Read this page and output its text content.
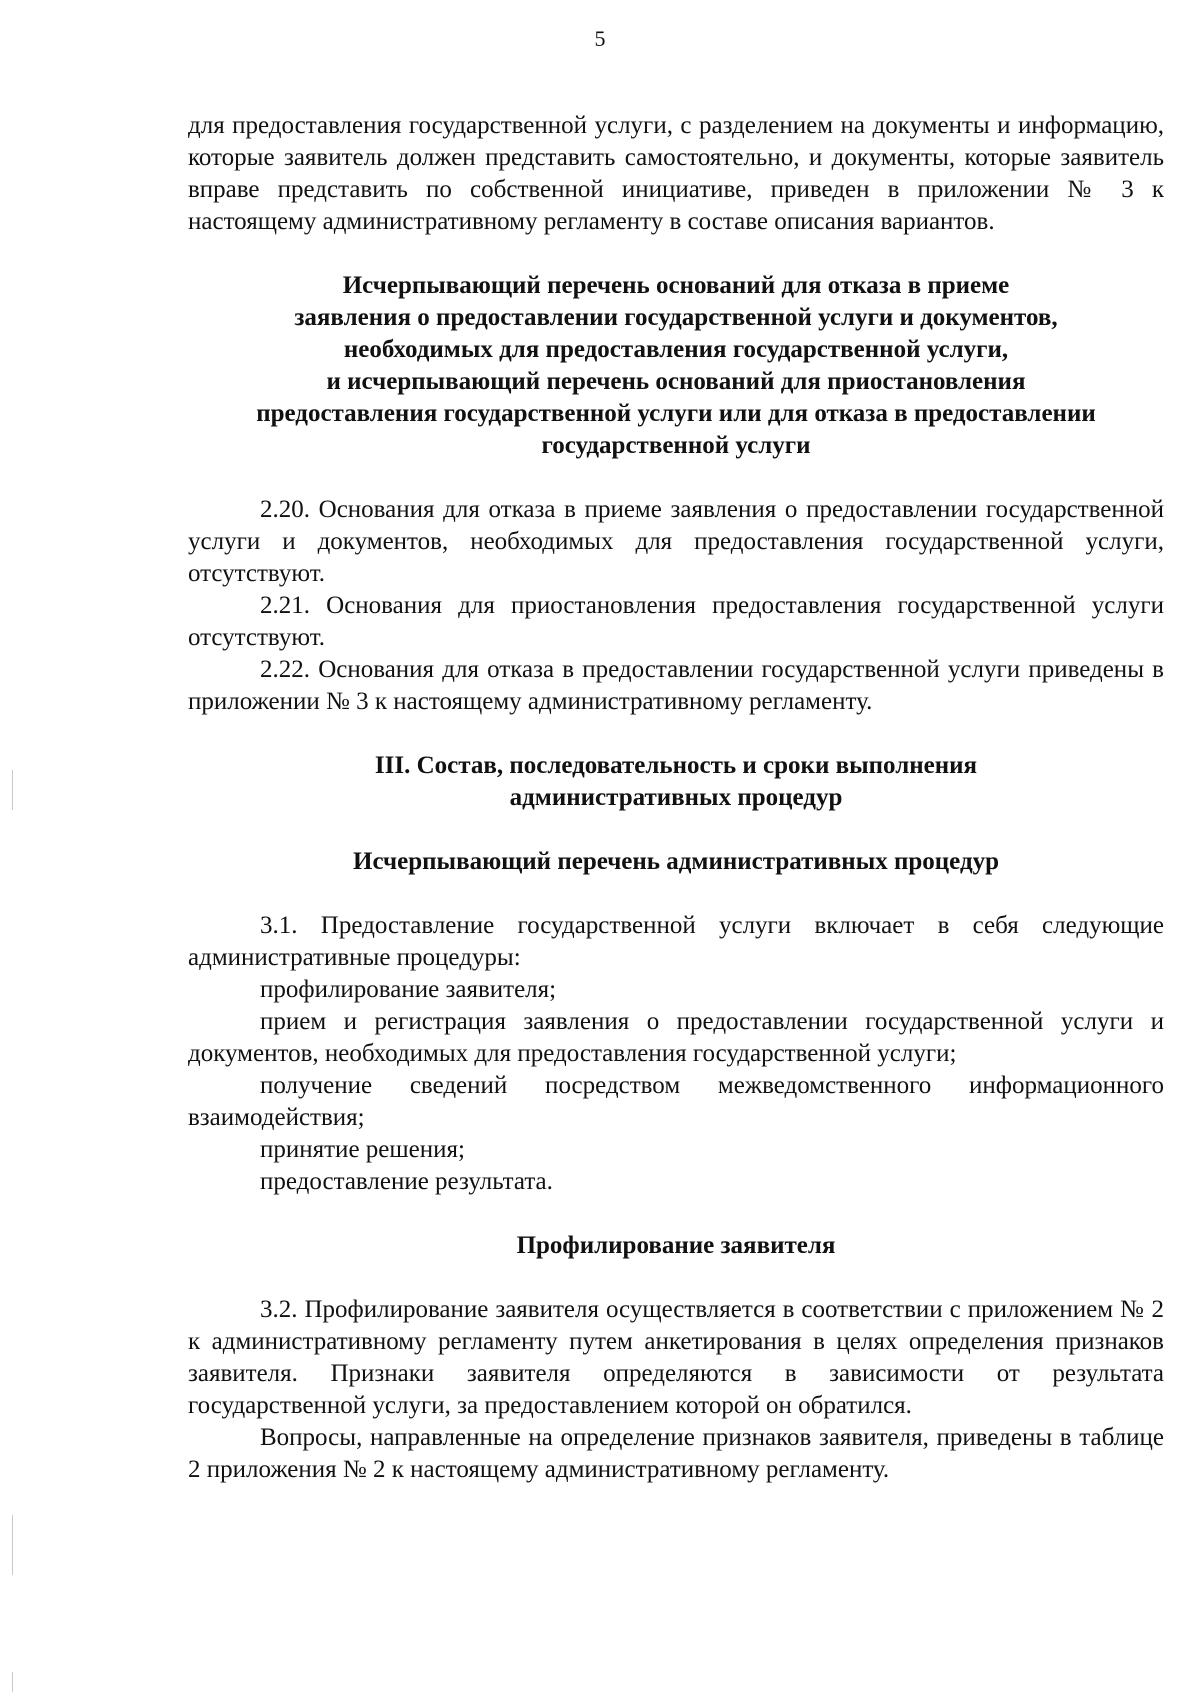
5

для предоставления государственной услуги, с разделением на документы и информацию, которые заявитель должен представить самостоятельно, и документы, которые заявитель вправе представить по собственной инициативе, приведен в приложении № 3 к настоящему административному регламенту в составе описания вариантов.

Исчерпывающий перечень оснований для отказа в приеме
заявления о предоставлении государственной услуги и документов,
необходимых для предоставления государственной услуги,
и исчерпывающий перечень оснований для приостановления
предоставления государственной услуги или для отказа в предоставлении
государственной услуги

2.20. Основания для отказа в приеме заявления о предоставлении государственной услуги и документов, необходимых для предоставления государственной услуги, отсутствуют.

2.21. Основания для приостановления предоставления государственной услуги отсутствуют.

2.22. Основания для отказа в предоставлении государственной услуги приведены в приложении № 3 к настоящему административному регламенту.

III. Состав, последовательность и сроки выполнения
административных процедур
Исчерпывающий перечень административных процедур

3.1. Предоставление государственной услуги включает в себя следующие административные процедуры:

профилирование заявителя;

прием и регистрация заявления о предоставлении государственной услуги и документов, необходимых для предоставления государственной услуги;

получение сведений посредством межведомственного информационного взаимодействия;

принятие решения;

предоставление результата.

Профилирование заявителя

3.2. Профилирование заявителя осуществляется в соответствии с приложением № 2 к административному регламенту путем анкетирования в целях определения признаков заявителя. Признаки заявителя определяются в зависимости от результата государственной услуги, за предоставлением которой он обратился.

Вопросы, направленные на определение признаков заявителя, приведены в таблице 2 приложения № 2 к настоящему административному регламенту.
